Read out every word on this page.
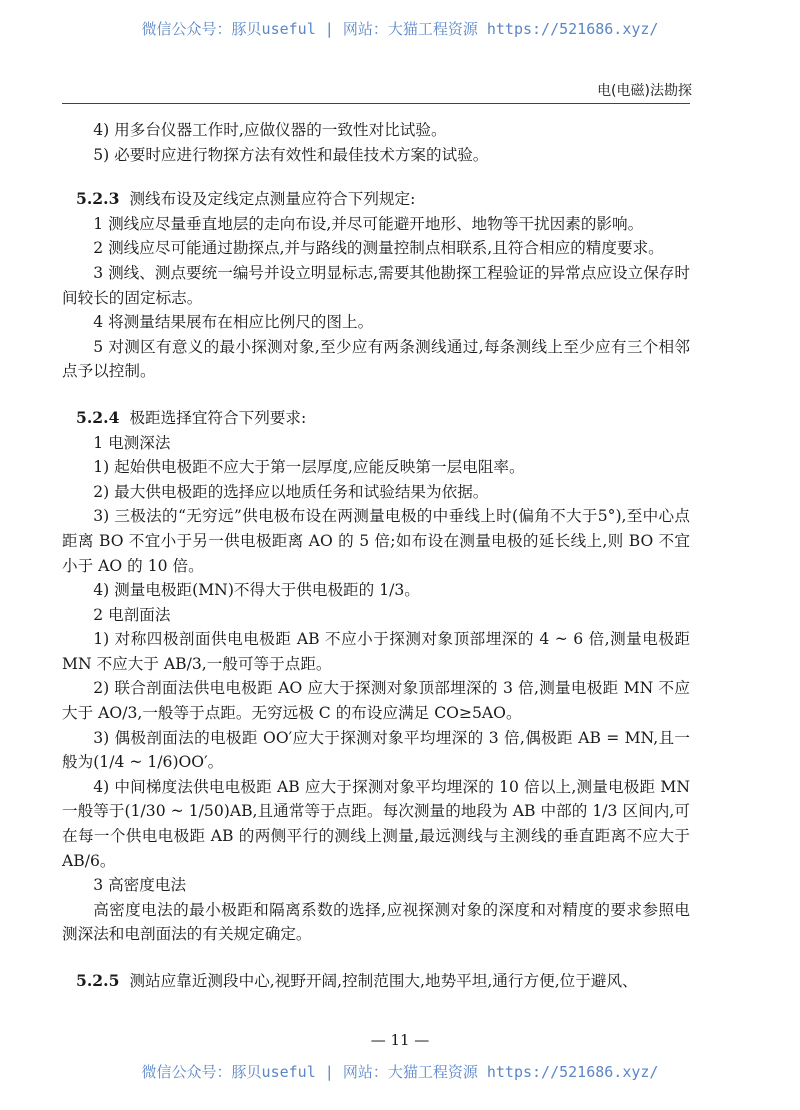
微信公众号：豚贝useful | 网站：大猫工程资源 https://521686.xyz/
电(电磁)法勘探

4) 用多台仪器工作时,应做仪器的一致性对比试验。

5) 必要时应进行物探方法有效性和最佳技术方案的试验。

5.2.3 测线布设及定线定点测量应符合下列规定:

1 测线应尽量垂直地层的走向布设,并尽可能避开地形、地物等干扰因素的影响。

2 测线应尽可能通过勘探点,并与路线的测量控制点相联系,且符合相应的精度要求。

3 测线、测点要统一编号并设立明显标志,需要其他勘探工程验证的异常点应设立保存时间较长的固定标志。

4 将测量结果展布在相应比例尺的图上。

5 对测区有意义的最小探测对象,至少应有两条测线通过,每条测线上至少应有三个相邻点予以控制。

5.2.4 极距选择宜符合下列要求:

1 电测深法

1) 起始供电极距不应大于第一层厚度,应能反映第一层电阻率。

2) 最大供电极距的选择应以地质任务和试验结果为依据。

3) 三极法的“无穷远”供电极布设在两测量电极的中垂线上时(偏角不大于5°),至中心点距离 BO 不宜小于另一供电极距离 AO 的 5 倍;如布设在测量电极的延长线上,则 BO 不宜小于 AO 的 10 倍。

4) 测量电极距(MN)不得大于供电极距的 1/3。

2 电剖面法

1) 对称四极剖面供电电极距 AB 不应小于探测对象顶部埋深的 4 ~ 6 倍,测量电极距 MN 不应大于 AB/3,一般可等于点距。

2) 联合剖面法供电电极距 AO 应大于探测对象顶部埋深的 3 倍,测量电极距 MN 不应大于 AO/3,一般等于点距。无穷远极 C 的布设应满足 CO≥5AO。

3) 偶极剖面法的电极距 OO′应大于探测对象平均埋深的 3 倍,偶极距 AB = MN,且一般为(1/4 ~ 1/6)OO′。

4) 中间梯度法供电电极距 AB 应大于探测对象平均埋深的 10 倍以上,测量电极距 MN 一般等于(1/30 ~ 1/50)AB,且通常等于点距。每次测量的地段为 AB 中部的 1/3 区间内,可在每一个供电电极距 AB 的两侧平行的测线上测量,最远测线与主测线的垂直距离不应大于 AB/6。

3 高密度电法

高密度电法的最小极距和隔离系数的选择,应视探测对象的深度和对精度的要求参照电测深法和电剖面法的有关规定确定。

5.2.5 测站应靠近测段中心,视野开阔,控制范围大,地势平坦,通行方便,位于避风、

— 11 —
微信公众号：豚贝useful | 网站：大猫工程资源 https://521686.xyz/
